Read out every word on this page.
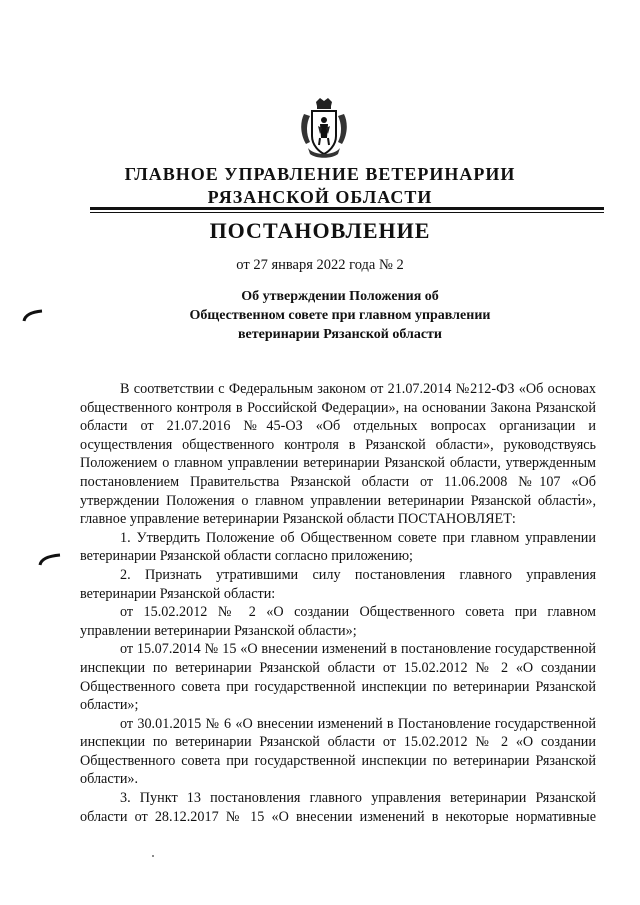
ГЛАВНОЕ УПРАВЛЕНИЕ ВЕТЕРИНАРИИ
РЯЗАНСКОЙ ОБЛАСТИ
ПОСТАНОВЛЕНИЕ
от 27 января 2022 года № 2
Об утверждении Положения об
Общественном совете при главном управлении
ветеринарии Рязанской области

В соответствии с Федеральным законом от 21.07.2014 №212-ФЗ «Об основах общественного контроля в Российской Федерации», на основании Закона Рязанской области от 21.07.2016 №45-ОЗ «Об отдельных вопросах организации и осуществления общественного контроля в Рязанской области», руководствуясь Положением о главном управлении ветеринарии Рязанской области, утвержденным постановлением Правительства Рязанской области от 11.06.2008 №107 «Об утверждении Положения о главном управлении ветеринарии Рязанской области», главное управление ветеринарии Рязанской области ПОСТАНОВЛЯЕТ:

1. Утвердить Положение об Общественном совете при главном управлении ветеринарии Рязанской области согласно приложению;

2. Признать утратившими силу постановления главного управления ветеринарии Рязанской области:

от 15.02.2012 № 2 «О создании Общественного совета при главном управлении ветеринарии Рязанской области»;

от 15.07.2014 № 15 «О внесении изменений в постановление государственной инспекции по ветеринарии Рязанской области от 15.02.2012 № 2 «О создании Общественного совета при государственной инспекции по ветеринарии Рязанской области»;

от 30.01.2015 № 6 «О внесении изменений в Постановление государственной инспекции по ветеринарии Рязанской области от 15.02.2012 № 2 «О создании Общественного совета при государственной инспекции по ветеринарии Рязанской области».

3. Пункт 13 постановления главного управления ветеринарии Рязанской области от 28.12.2017 № 15 «О внесении изменений в некоторые нормативные
